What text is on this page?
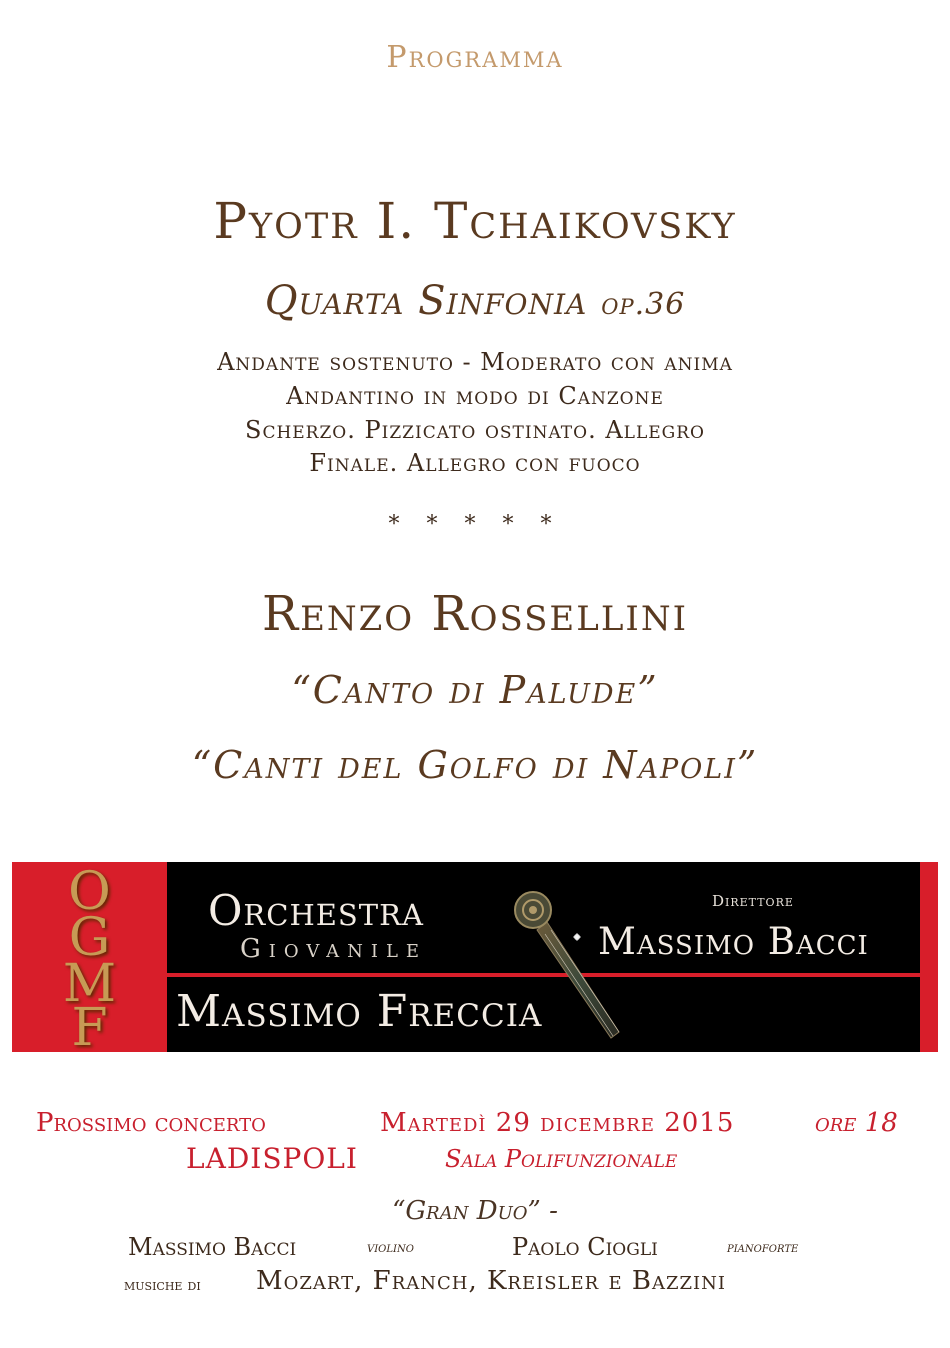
Programma
Pyotr I. Tchaikovsky
Quarta Sinfonia op.36
Andante sostenuto - Moderato con anima
Andantino in modo di Canzone
Scherzo. Pizzicato ostinato. Allegro
Finale. Allegro con fuoco
* * * * *
Renzo Rossellini
“Canto di Palude”
“Canti del Golfo di Napoli”
O
G
M
F
Orchestra
Giovanile
Direttore
Massimo Bacci
Massimo Freccia
Prossimo concerto	Martedì 29 dicembre 2015	ore 18
LADISPOLI	Sala Polifunzionale
“Gran Duo” -
Massimo Bacci	violino	Paolo Ciogli	pianoforte
musiche di Mozart, Franch, Kreisler e Bazzini
